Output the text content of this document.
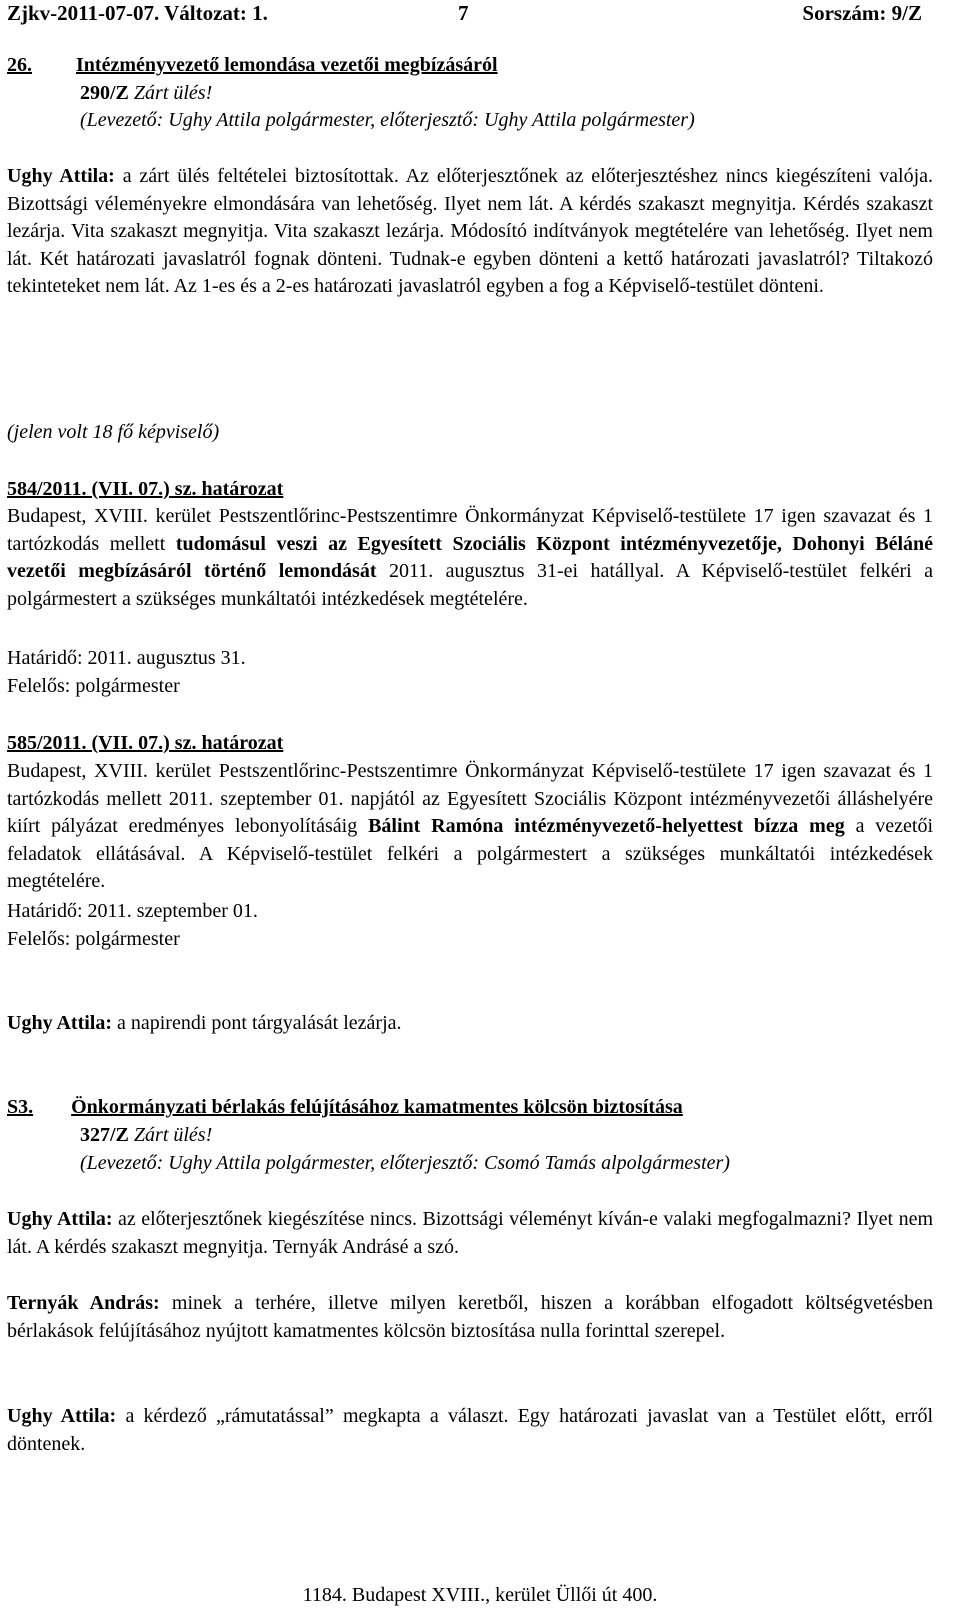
Zjkv-2011-07-07. Változat: 1.	7	Sorszám: 9/Z
26. Intézményvezető lemondása vezetői megbízásáról
290/Z Zárt ülés!
(Levezető: Ughy Attila polgármester, előterjesztő: Ughy Attila polgármester)
Ughy Attila: a zárt ülés feltételei biztosítottak. Az előterjesztőnek az előterjesztéshez nincs kiegészíteni valója. Bizottsági véleményekre elmondására van lehetőség. Ilyet nem lát. A kérdés szakaszt megnyitja. Kérdés szakaszt lezárja. Vita szakaszt megnyitja. Vita szakaszt lezárja. Módosító indítványok megtételére van lehetőség. Ilyet nem lát. Két határozati javaslatról fognak dönteni. Tudnak-e egyben dönteni a kettő határozati javaslatról? Tiltakozó tekinteteket nem lát. Az 1-es és a 2-es határozati javaslatról egyben a fog a Képviselő-testület dönteni.
(jelen volt 18 fő képviselő)
584/2011. (VII. 07.) sz. határozat
Budapest, XVIII. kerület Pestszentlőrinc-Pestszentimre Önkormányzat Képviselő-testülete 17 igen szavazat és 1 tartózkodás mellett tudomásul veszi az Egyesített Szociális Központ intézményvezetője, Dohonyi Béláné vezetői megbízásáról történő lemondását 2011. augusztus 31-ei hatállyal. A Képviselő-testület felkéri a polgármestert a szükséges munkáltatói intézkedések megtételére.
Határidő: 2011. augusztus 31.
Felelős: polgármester
585/2011. (VII. 07.) sz. határozat
Budapest, XVIII. kerület Pestszentlőrinc-Pestszentimre Önkormányzat Képviselő-testülete 17 igen szavazat és 1 tartózkodás mellett 2011. szeptember 01. napjától az Egyesített Szociális Központ intézményvezetői álláshelyére kiírt pályázat eredményes lebonyolításáig Bálint Ramóna intézményvezető-helyettest bízza meg a vezetői feladatok ellátásával. A Képviselő-testület felkéri a polgármestert a szükséges munkáltatói intézkedések megtételére.
Határidő: 2011. szeptember 01.
Felelős: polgármester
Ughy Attila: a napirendi pont tárgyalását lezárja.
S3. Önkormányzati bérlakás felújításához kamatmentes kölcsön biztosítása
327/Z Zárt ülés!
(Levezető: Ughy Attila polgármester, előterjesztő: Csomó Tamás alpolgármester)
Ughy Attila: az előterjesztőnek kiegészítése nincs. Bizottsági véleményt kíván-e valaki megfogalmazni? Ilyet nem lát. A kérdés szakaszt megnyitja. Ternyák Andrásé a szó.
Ternyák András: minek a terhére, illetve milyen keretből, hiszen a korábban elfogadott költségvetésben bérlakások felújításához nyújtott kamatmentes kölcsön biztosítása nulla forinttal szerepel.
Ughy Attila: a kérdező „rámutatással” megkapta a választ. Egy határozati javaslat van a Testület előtt, erről döntenek.
1184. Budapest XVIII., kerület Üllői út 400.
